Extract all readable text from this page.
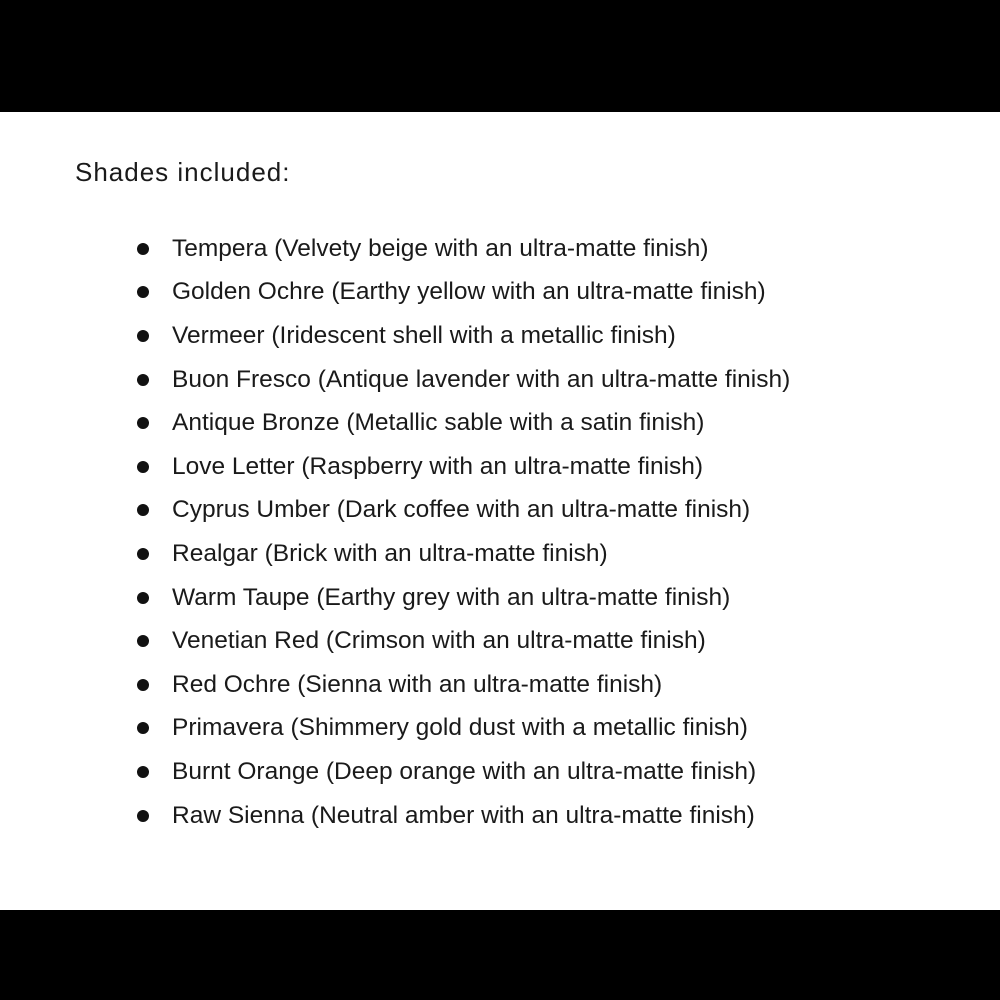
Shades included:
Tempera (Velvety beige with an ultra-matte finish)
Golden Ochre (Earthy yellow with an ultra-matte finish)
Vermeer (Iridescent shell with a metallic finish)
Buon Fresco (Antique lavender with an ultra-matte finish)
Antique Bronze (Metallic sable with a satin finish)
Love Letter (Raspberry with an ultra-matte finish)
Cyprus Umber (Dark coffee with an ultra-matte finish)
Realgar (Brick with an ultra-matte finish)
Warm Taupe (Earthy grey with an ultra-matte finish)
Venetian Red (Crimson with an ultra-matte finish)
Red Ochre (Sienna with an ultra-matte finish)
Primavera (Shimmery gold dust with a metallic finish)
Burnt Orange (Deep orange with an ultra-matte finish)
Raw Sienna (Neutral amber with an ultra-matte finish)
